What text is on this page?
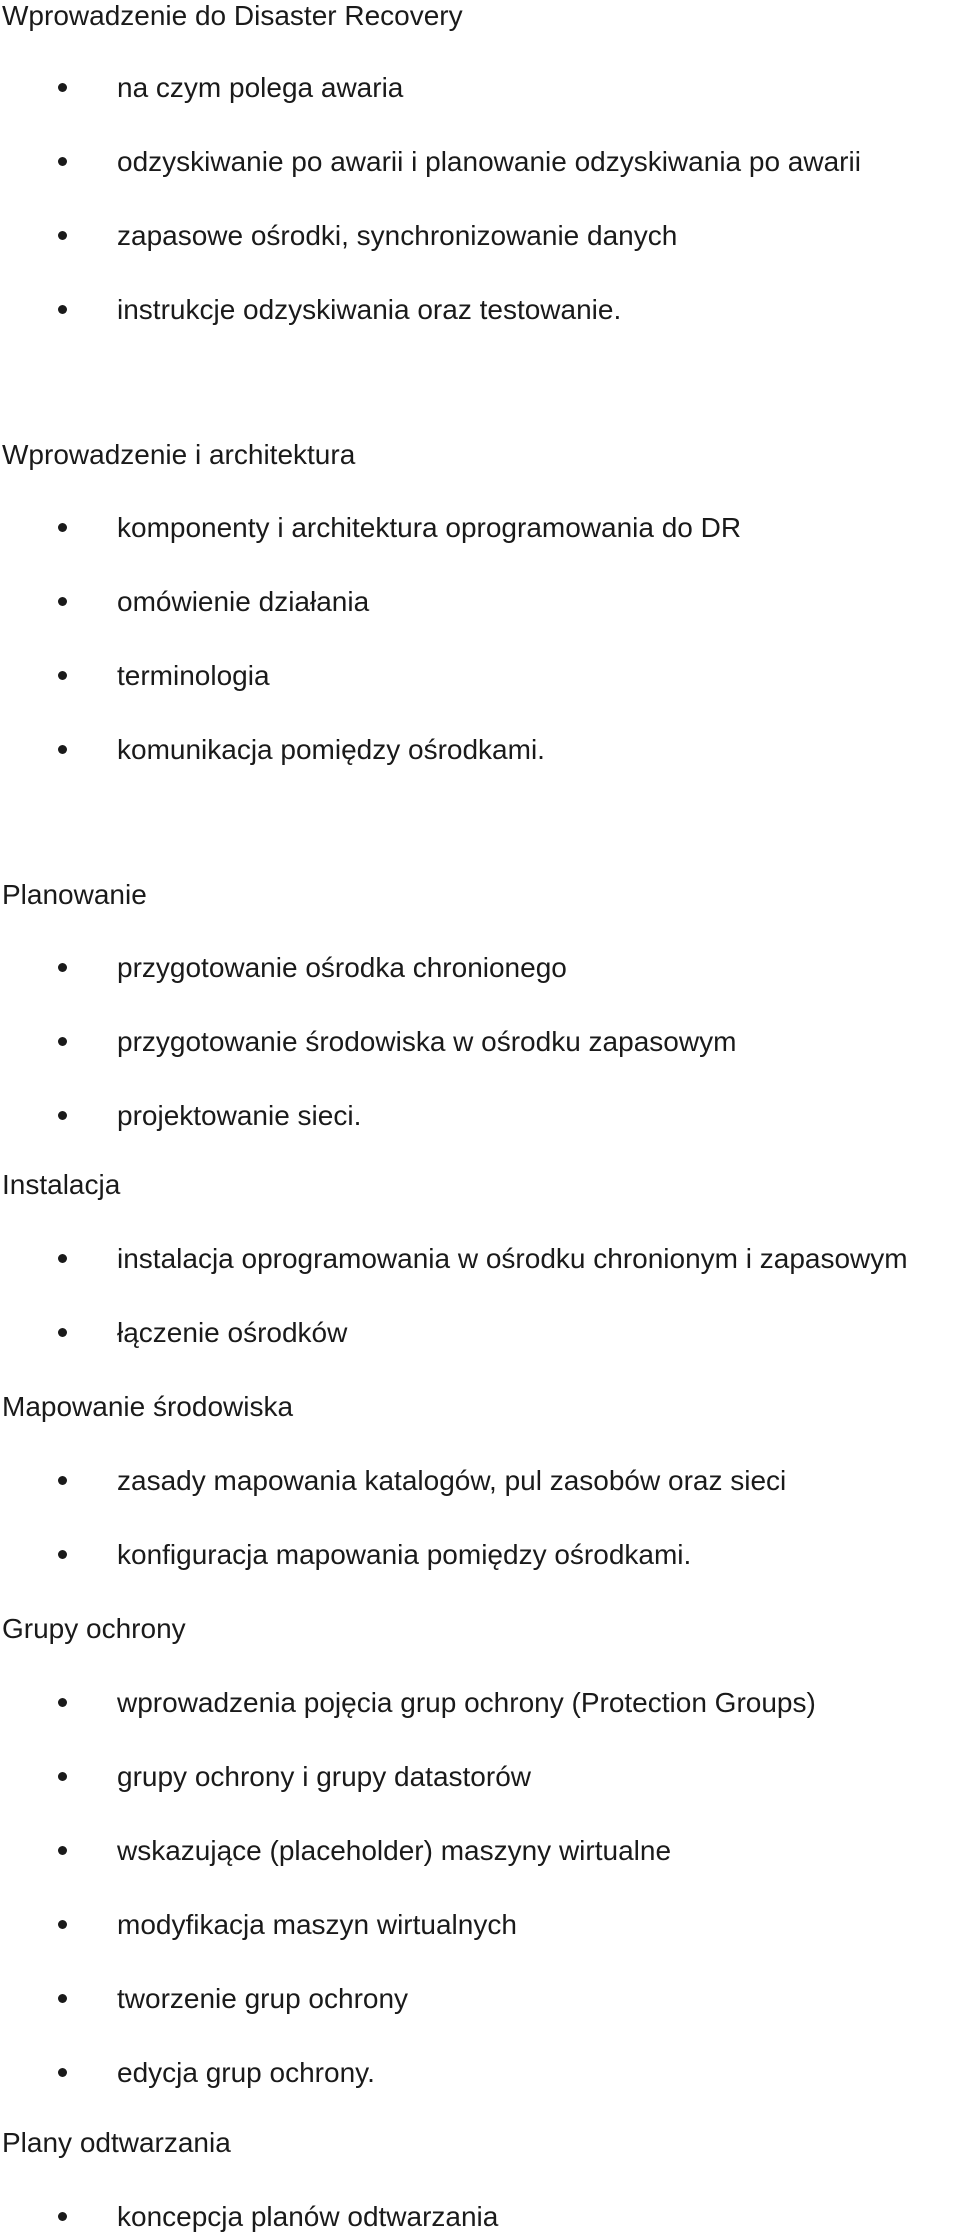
Wprowadzenie do Disaster Recovery
na czym polega awaria
odzyskiwanie po awarii i planowanie odzyskiwania po awarii
zapasowe ośrodki, synchronizowanie danych
instrukcje odzyskiwania oraz testowanie.
Wprowadzenie i architektura
komponenty i architektura oprogramowania do DR
omówienie działania
terminologia
komunikacja pomiędzy ośrodkami.
Planowanie
przygotowanie ośrodka chronionego
przygotowanie środowiska w ośrodku zapasowym
projektowanie sieci.
Instalacja
instalacja oprogramowania w ośrodku chronionym i zapasowym
łączenie ośrodków
Mapowanie środowiska
zasady mapowania katalogów, pul zasobów oraz sieci
konfiguracja mapowania pomiędzy ośrodkami.
Grupy ochrony
wprowadzenia pojęcia grup ochrony (Protection Groups)
grupy ochrony i grupy datastorów
wskazujące (placeholder) maszyny wirtualne
modyfikacja maszyn wirtualnych
tworzenie grup ochrony
edycja grup ochrony.
Plany odtwarzania
koncepcja planów odtwarzania
